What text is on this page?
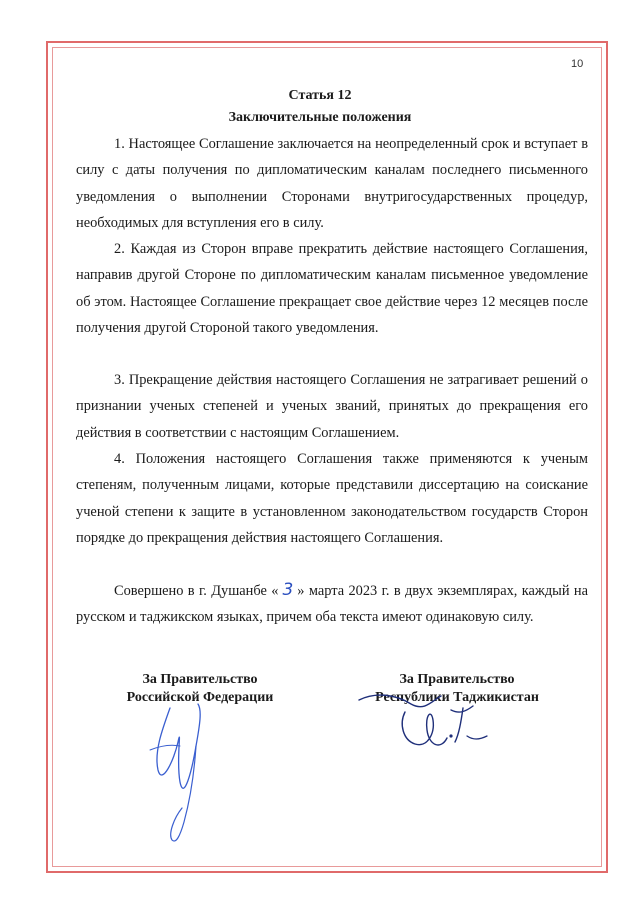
10
Статья 12
Заключительные положения
1. Настоящее Соглашение заключается на неопределенный срок и вступает в силу с даты получения по дипломатическим каналам последнего письменного уведомления о выполнении Сторонами внутригосударственных процедур, необходимых для вступления его в силу.
2. Каждая из Сторон вправе прекратить действие настоящего Соглашения, направив другой Стороне по дипломатическим каналам письменное уведомление об этом. Настоящее Соглашение прекращает свое действие через 12 месяцев после получения другой Стороной такого уведомления.
3. Прекращение действия настоящего Соглашения не затрагивает решений о признании ученых степеней и ученых званий, принятых до прекращения его действия в соответствии с настоящим Соглашением.
4. Положения настоящего Соглашения также применяются к ученым степеням, полученным лицами, которые представили диссертацию на соискание ученой степени к защите в установленном законодательством государств Сторон порядке до прекращения действия настоящего Соглашения.
Совершено в г. Душанбе « 3 » марта 2023 г. в двух экземплярах, каждый на русском и таджикском языках, причем оба текста имеют одинаковую силу.
За Правительство
Российской Федерации
За Правительство
Республики Таджикистан
